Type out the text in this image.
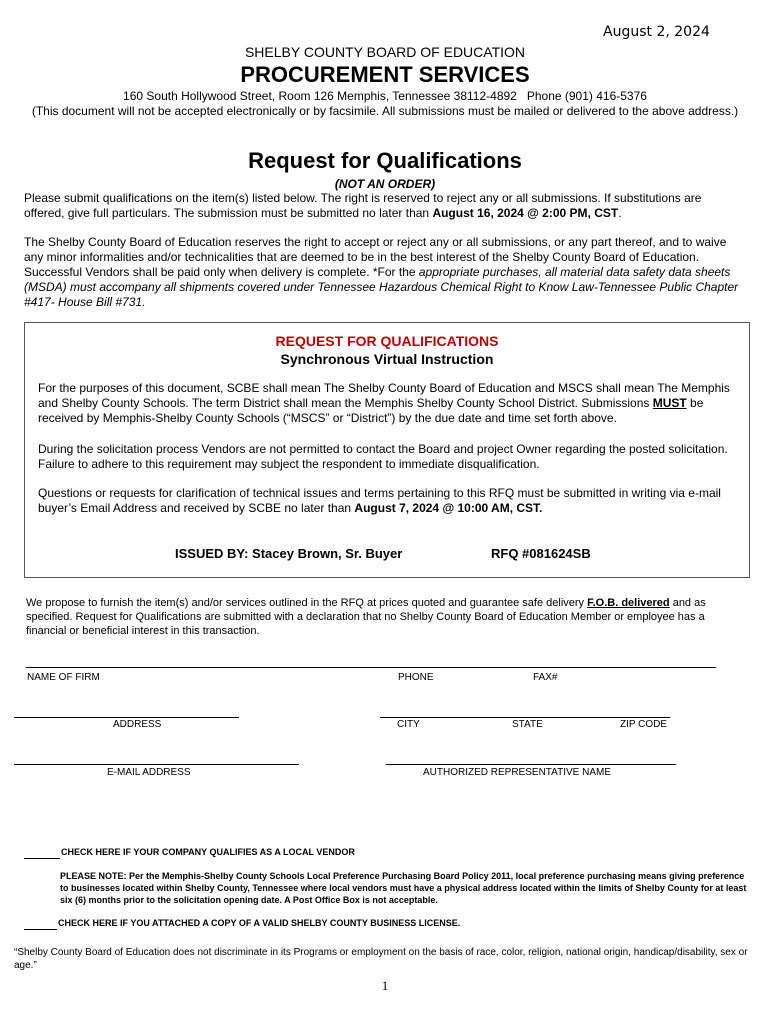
August 2, 2024
SHELBY COUNTY BOARD OF EDUCATION
PROCUREMENT SERVICES
160 South Hollywood Street, Room 126 Memphis, Tennessee 38112-4892   Phone (901) 416-5376
(This document will not be accepted electronically or by facsimile. All submissions must be mailed or delivered to the above address.)
Request for Qualifications
(NOT AN ORDER)
Please submit qualifications on the item(s) listed below. The right is reserved to reject any or all submissions. If substitutions are offered, give full particulars. The submission must be submitted no later than August 16, 2024 @ 2:00 PM, CST.
The Shelby County Board of Education reserves the right to accept or reject any or all submissions, or any part thereof, and to waive any minor informalities and/or technicalities that are deemed to be in the best interest of the Shelby County Board of Education. Successful Vendors shall be paid only when delivery is complete. *For the appropriate purchases, all material data safety data sheets (MSDA) must accompany all shipments covered under Tennessee Hazardous Chemical Right to Know Law-Tennessee Public Chapter #417- House Bill #731.
REQUEST FOR QUALIFICATIONS
Synchronous Virtual Instruction
For the purposes of this document, SCBE shall mean The Shelby County Board of Education and MSCS shall mean The Memphis and Shelby County Schools. The term District shall mean the Memphis Shelby County School District. Submissions MUST be received by Memphis-Shelby County Schools (“MSCS” or “District”) by the due date and time set forth above.
During the solicitation process Vendors are not permitted to contact the Board and project Owner regarding the posted solicitation. Failure to adhere to this requirement may subject the respondent to immediate disqualification.
Questions or requests for clarification of technical issues and terms pertaining to this RFQ must be submitted in writing via e-mail buyer’s Email Address and received by SCBE no later than August 7, 2024 @ 10:00 AM, CST.
ISSUED BY: Stacey Brown, Sr. Buyer	RFQ #081624SB
We propose to furnish the item(s) and/or services outlined in the RFQ at prices quoted and guarantee safe delivery F.O.B. delivered and as specified. Request for Qualifications are submitted with a declaration that no Shelby County Board of Education Member or employee has a financial or beneficial interest in this transaction.
NAME OF FIRM	PHONE	FAX#
ADDRESS	CITY	STATE	ZIP CODE
E-MAIL ADDRESS	AUTHORIZED REPRESENTATIVE NAME
CHECK HERE IF YOUR COMPANY QUALIFIES AS A LOCAL VENDOR
PLEASE NOTE: Per the Memphis-Shelby County Schools Local Preference Purchasing Board Policy 2011, local preference purchasing means giving preference to businesses located within Shelby County, Tennessee where local vendors must have a physical address located within the limits of Shelby County for at least six (6) months prior to the solicitation opening date. A Post Office Box is not acceptable.
CHECK HERE IF YOU ATTACHED A COPY OF A VALID SHELBY COUNTY BUSINESS LICENSE.
“Shelby County Board of Education does not discriminate in its Programs or employment on the basis of race, color, religion, national origin, handicap/disability, sex or age.”
1
